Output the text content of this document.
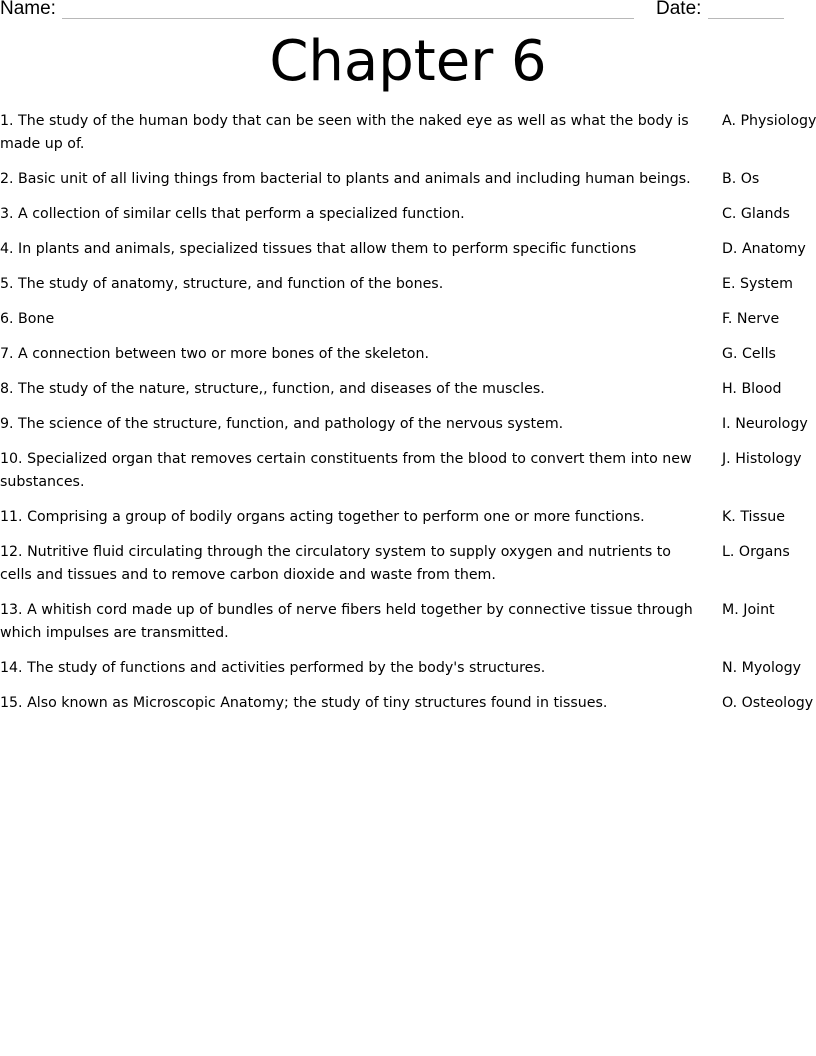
Name:	Date:
Chapter 6
1. The study of the human body that can be seen with the naked eye as well as what the body is made up of.
A. Physiology
2. Basic unit of all living things from bacterial to plants and animals and including human beings.	B. Os
3. A collection of similar cells that perform a specialized function.	C. Glands
4. In plants and animals, specialized tissues that allow them to perform specific functions	D. Anatomy
5. The study of anatomy, structure, and function of the bones.	E. System
6. Bone	F. Nerve
7. A connection between two or more bones of the skeleton.	G. Cells
8. The study of the nature, structure,, function, and diseases of the muscles.	H. Blood
9. The science of the structure, function, and pathology of the nervous system.	I. Neurology
10. Specialized organ that removes certain constituents from the blood to convert them into new substances.
J. Histology
11. Comprising a group of bodily organs acting together to perform one or more functions.	K. Tissue
12. Nutritive fluid circulating through the circulatory system to supply oxygen and nutrients to cells and tissues and to remove carbon dioxide and waste from them.
L. Organs
13. A whitish cord made up of bundles of nerve fibers held together by connective tissue through which impulses are transmitted.
M. Joint
14. The study of functions and activities performed by the body's structures.	N. Myology
15. Also known as Microscopic Anatomy; the study of tiny structures found in tissues.	O. Osteology
